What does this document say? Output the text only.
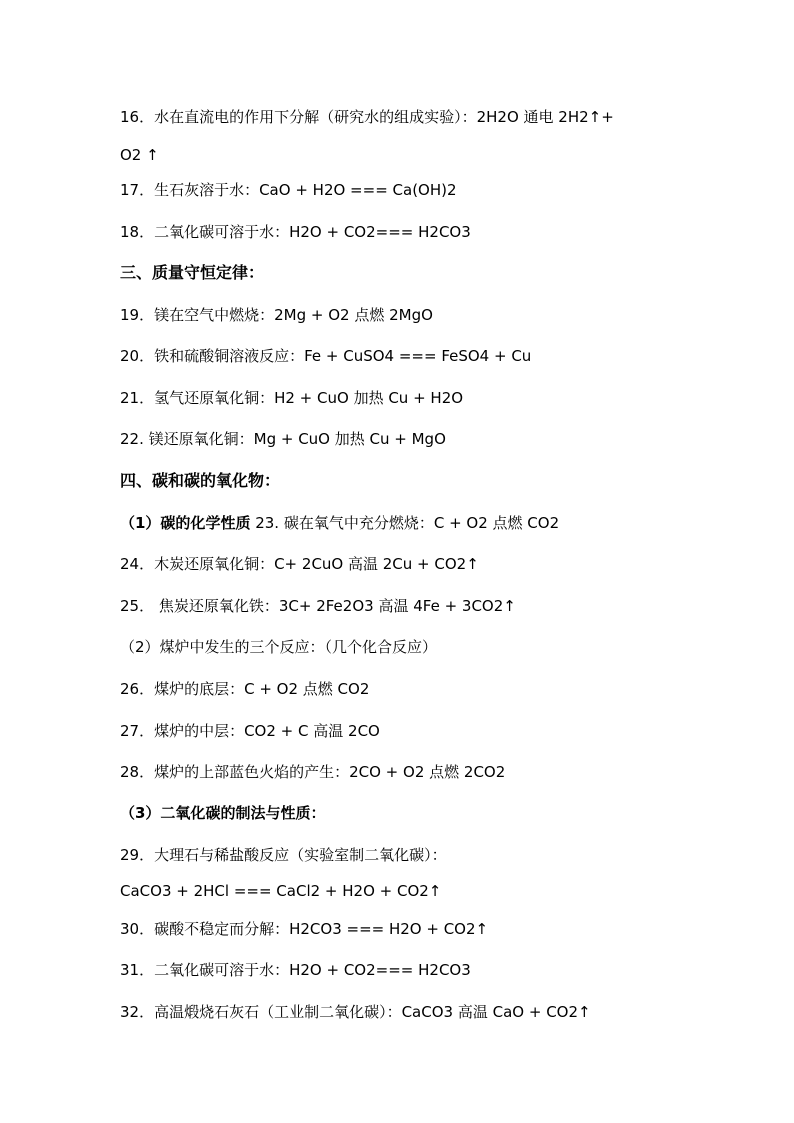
16．水在直流电的作用下分解（研究水的组成实验）：2H2O 通电 2H2↑+
O2 ↑
17．生石灰溶于水：CaO + H2O === Ca(OH)2
18．二氧化碳可溶于水：H2O + CO2=== H2CO3
三、质量守恒定律：
19．镁在空气中燃烧：2Mg + O2 点燃 2MgO
20．铁和硫酸铜溶液反应：Fe + CuSO4 === FeSO4 + Cu
21．氢气还原氧化铜：H2 + CuO 加热 Cu + H2O
22. 镁还原氧化铜：Mg + CuO 加热 Cu + MgO
四、碳和碳的氧化物：
（1）碳的化学性质 23. 碳在氧气中充分燃烧：C + O2 点燃 CO2
24．木炭还原氧化铜：C+ 2CuO 高温 2Cu + CO2↑
25． 焦炭还原氧化铁：3C+ 2Fe2O3 高温 4Fe + 3CO2↑
（2）煤炉中发生的三个反应：（几个化合反应）
26．煤炉的底层：C + O2 点燃 CO2
27．煤炉的中层：CO2 + C 高温 2CO
28．煤炉的上部蓝色火焰的产生：2CO + O2 点燃 2CO2
（3）二氧化碳的制法与性质：
29．大理石与稀盐酸反应（实验室制二氧化碳）：
CaCO3 + 2HCl === CaCl2 + H2O + CO2↑
30．碳酸不稳定而分解：H2CO3 === H2O + CO2↑
31．二氧化碳可溶于水：H2O + CO2=== H2CO3
32．高温煅烧石灰石（工业制二氧化碳）：CaCO3 高温 CaO + CO2↑
